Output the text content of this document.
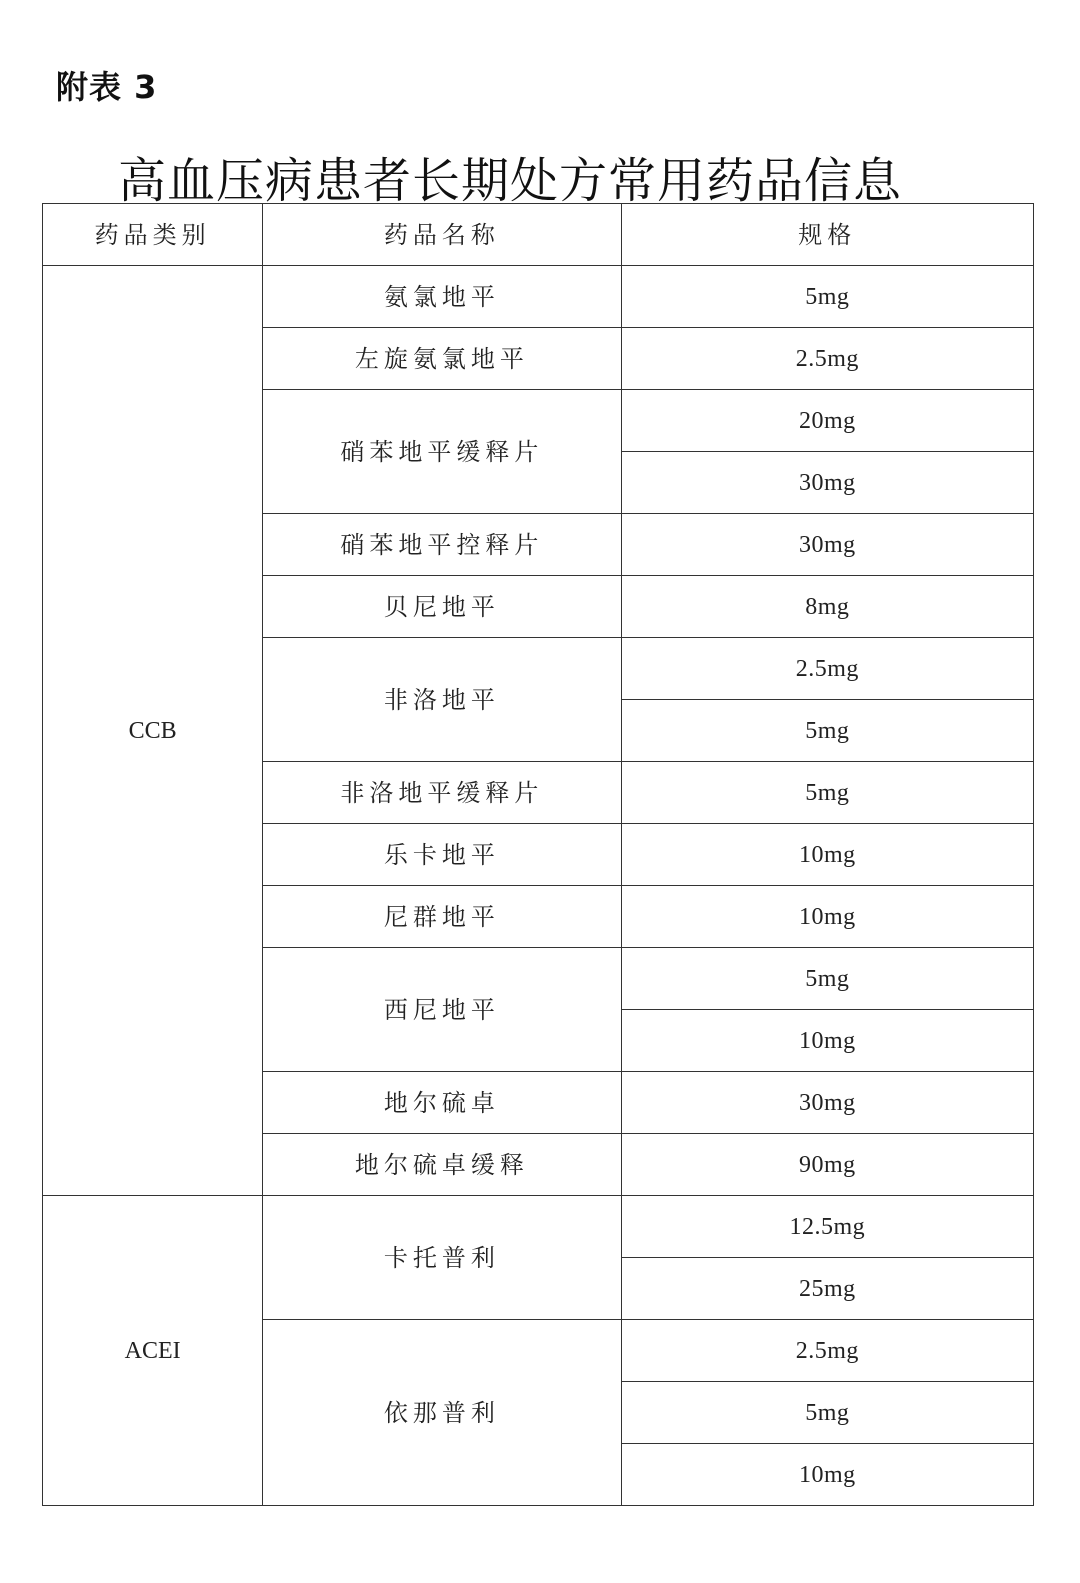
附表 3
高血压病患者长期处方常用药品信息
药品类别	药品名称	规格
CCB	氨氯地平	5mg
	左旋氨氯地平	2.5mg
	硝苯地平缓释片	20mg
		30mg
	硝苯地平控释片	30mg
	贝尼地平	8mg
	非洛地平	2.5mg
		5mg
	非洛地平缓释片	5mg
	乐卡地平	10mg
	尼群地平	10mg
	西尼地平	5mg
		10mg
	地尔硫卓	30mg
	地尔硫卓缓释	90mg
ACEI	卡托普利	12.5mg
		25mg
	依那普利	2.5mg
		5mg
		10mg
